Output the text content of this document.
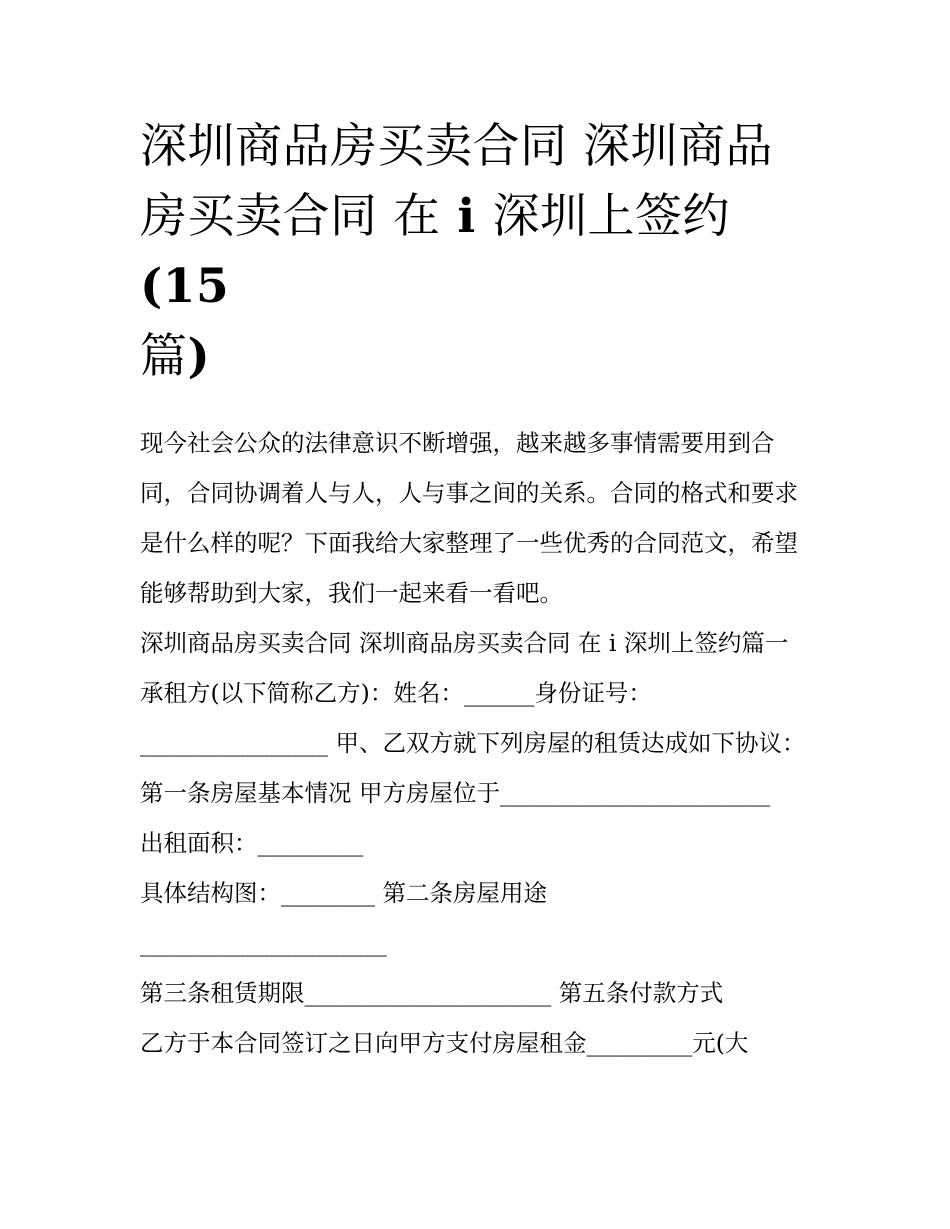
深圳商品房买卖合同 深圳商品房买卖合同 在 i 深圳上签约(15
篇)

现今社会公众的法律意识不断增强，越来越多事情需要用到合同，合同协调着人与人，人与事之间的关系。合同的格式和要求是什么样的呢？下面我给大家整理了一些优秀的合同范文，希望能够帮助到大家，我们一起来看一看吧。

深圳商品房买卖合同 深圳商品房买卖合同 在 i 深圳上签约篇一

承租方(以下简称乙方)：姓名：______身份证号：

________________ 甲、乙双方就下列房屋的租赁达成如下协议：

第一条房屋基本情况 甲方房屋位于_______________________

出租面积：_________

具体结构图：________ 第二条房屋用途

_____________________

第三条租赁期限_____________________ 第五条付款方式

乙方于本合同签订之日向甲方支付房屋租金_________元(大
